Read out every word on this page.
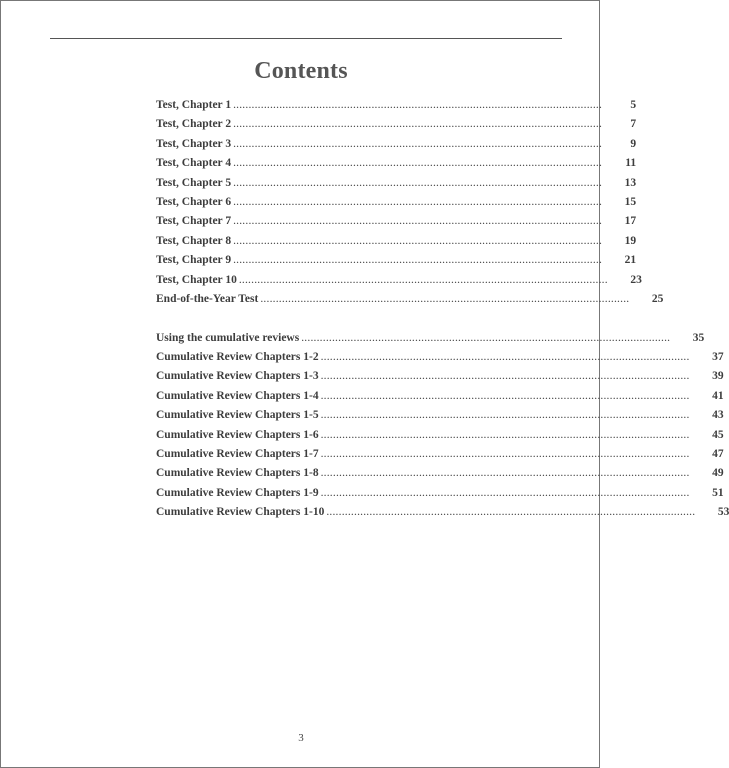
Contents
Test, Chapter 1 ........................................................................................................................	5
Test, Chapter 2 ........................................................................................................................	7
Test, Chapter 3 ........................................................................................................................	9
Test, Chapter 4 ........................................................................................................................	11
Test, Chapter 5 ........................................................................................................................	13
Test, Chapter 6 ........................................................................................................................	15
Test, Chapter 7 ........................................................................................................................	17
Test, Chapter 8 ........................................................................................................................	19
Test, Chapter 9 ........................................................................................................................	21
Test, Chapter 10 ........................................................................................................................	23
End-of-the-Year Test ........................................................................................................................	25
Using the cumulative reviews ........................................................................................................................	35
Cumulative Review Chapters 1-2 ........................................................................................................................	37
Cumulative Review Chapters 1-3 ........................................................................................................................	39
Cumulative Review Chapters 1-4 ........................................................................................................................	41
Cumulative Review Chapters 1-5 ........................................................................................................................	43
Cumulative Review Chapters 1-6 ........................................................................................................................	45
Cumulative Review Chapters 1-7 ........................................................................................................................	47
Cumulative Review Chapters 1-8 ........................................................................................................................	49
Cumulative Review Chapters 1-9 ........................................................................................................................	51
Cumulative Review Chapters 1-10 ........................................................................................................................	53
3
